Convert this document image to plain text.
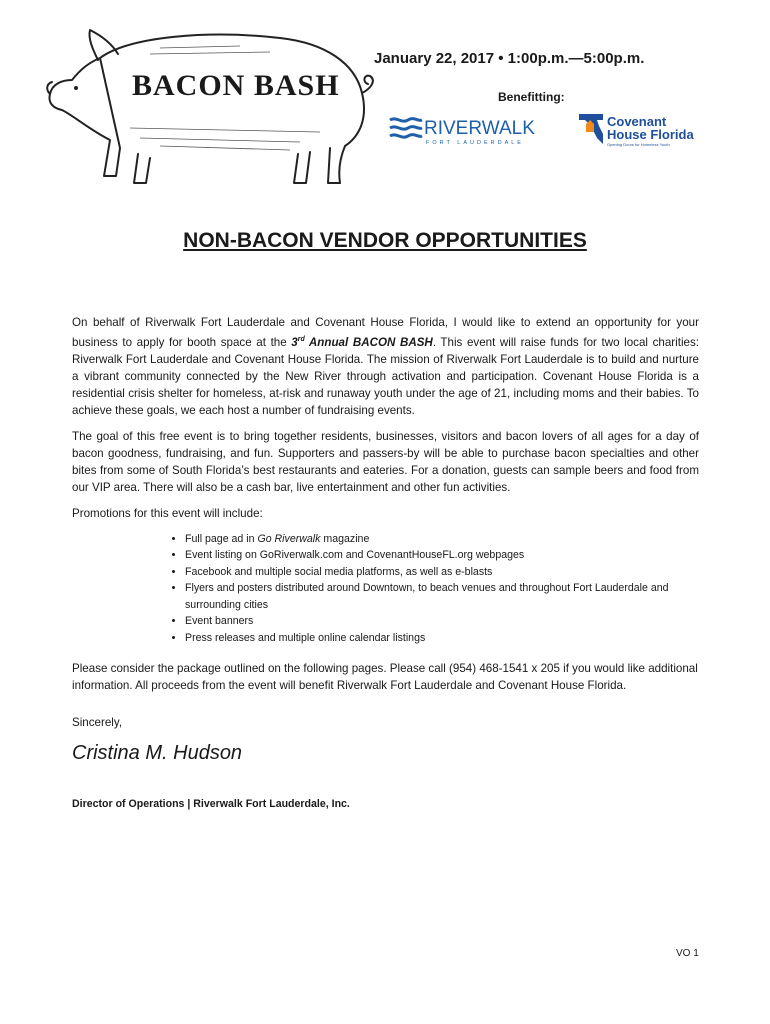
BACON BASH
January 22, 2017 • 1:00p.m.—5:00p.m.
Benefitting:
RIVERWALK
FORT LAUDERDALE
Covenant
House Florida
Opening Doors for Homeless Youth
NON-BACON VENDOR OPPORTUNITIES

On behalf of Riverwalk Fort Lauderdale and Covenant House Florida, I would like to extend an opportunity for your business to apply for booth space at the 3rd Annual BACON BASH. This event will raise funds for two local charities: Riverwalk Fort Lauderdale and Covenant House Florida. The mission of Riverwalk Fort Lauderdale is to build and nurture a vibrant community connected by the New River through activation and participation. Covenant House Florida is a residential crisis shelter for homeless, at-risk and runaway youth under the age of 21, including moms and their babies. To achieve these goals, we each host a number of fundraising events.

The goal of this free event is to bring together residents, businesses, visitors and bacon lovers of all ages for a day of bacon goodness, fundraising, and fun. Supporters and passers-by will be able to purchase bacon specialties and other bites from some of South Florida’s best restaurants and eateries. For a donation, guests can sample beers and food from our VIP area. There will also be a cash bar, live entertainment and other fun activities.

Promotions for this event will include:

• Full page ad in Go Riverwalk magazine
• Event listing on GoRiverwalk.com and CovenantHouseFL.org webpages
• Facebook and multiple social media platforms, as well as e-blasts
• Flyers and posters distributed around Downtown, to beach venues and throughout Fort Lauderdale and surrounding cities
• Event banners
• Press releases and multiple online calendar listings

Please consider the package outlined on the following pages. Please call (954) 468-1541 x 205 if you would like additional information. All proceeds from the event will benefit Riverwalk Fort Lauderdale and Covenant House Florida.

Sincerely,
Cristina M. Hudson
Director of Operations | Riverwalk Fort Lauderdale, Inc.
VO 1
